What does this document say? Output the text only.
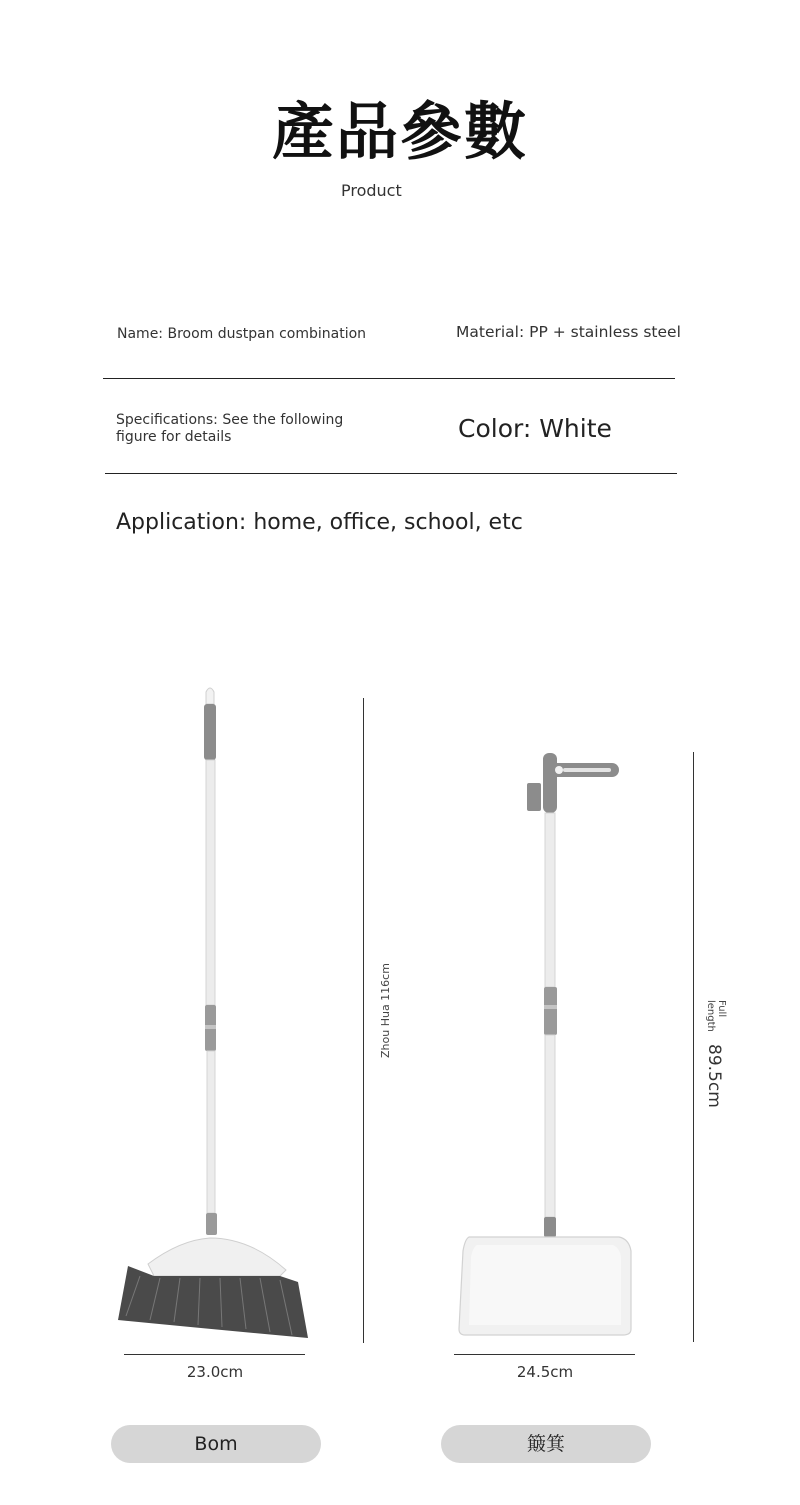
產品參數
Product
Name: Broom dustpan combination	Material: PP + stainless steel
Specifications: See the following
figure for details	Color: White
Application: home, office, school, etc
Zhou Hua 116cm
23.0cm
Full
length
89.5cm
24.5cm
Bom	簸箕
